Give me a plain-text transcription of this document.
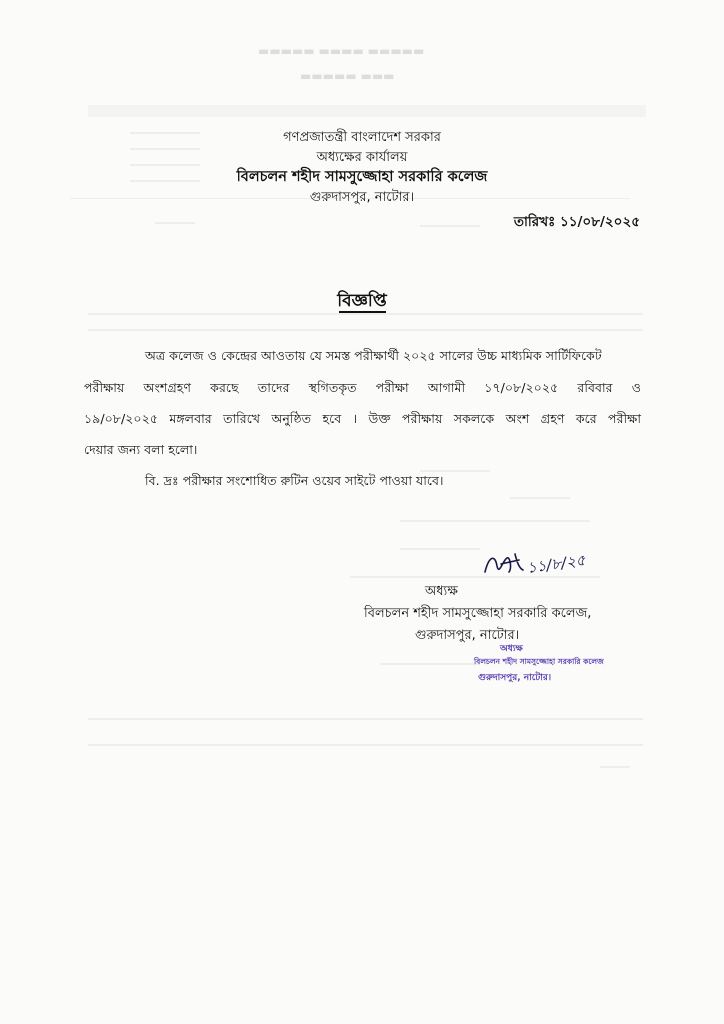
▬▬▬▬▬ ▬▬▬▬ ▬▬▬▬▬
▬▬▬▬▬ ▬▬▬
গণপ্রজাতন্ত্রী বাংলাদেশ সরকার
অধ্যক্ষের কার্যালয়
বিলচলন শহীদ সামসুজ্জোহা সরকারি কলেজ
গুরুদাসপুর, নাটোর।
তারিখঃ ১১/০৮/২০২৫
বিজ্ঞপ্তি
অত্র কলেজ ও কেন্দ্রের আওতায় যে সমস্ত পরীক্ষার্থী ২০২৫ সালের উচ্চ মাধ্যমিক সার্টিফিকেট
পরীক্ষায় অংশগ্রহণ করছে তাদের স্থগিতকৃত পরীক্ষা আগামী ১৭/০৮/২০২৫ রবিবার ও
১৯/০৮/২০২৫ মঙ্গলবার তারিখে অনুষ্ঠিত হবে । উক্ত পরীক্ষায় সকলকে অংশ গ্রহণ করে পরীক্ষা
দেয়ার জন্য বলা হলো।
বি. দ্রঃ পরীক্ষার সংশোধিত রুটিন ওয়েব সাইটে পাওয়া যাবে।
১১/৮/২৫
অধ্যক্ষ
বিলচলন শহীদ সামসুজ্জোহা সরকারি কলেজ,
গুরুদাসপুর, নাটোর।
অধ্যক্ষ
বিলচলন শহীদ সামসুজ্জোহা সরকারি কলেজ
গুরুদাসপুর, নাটোর।
